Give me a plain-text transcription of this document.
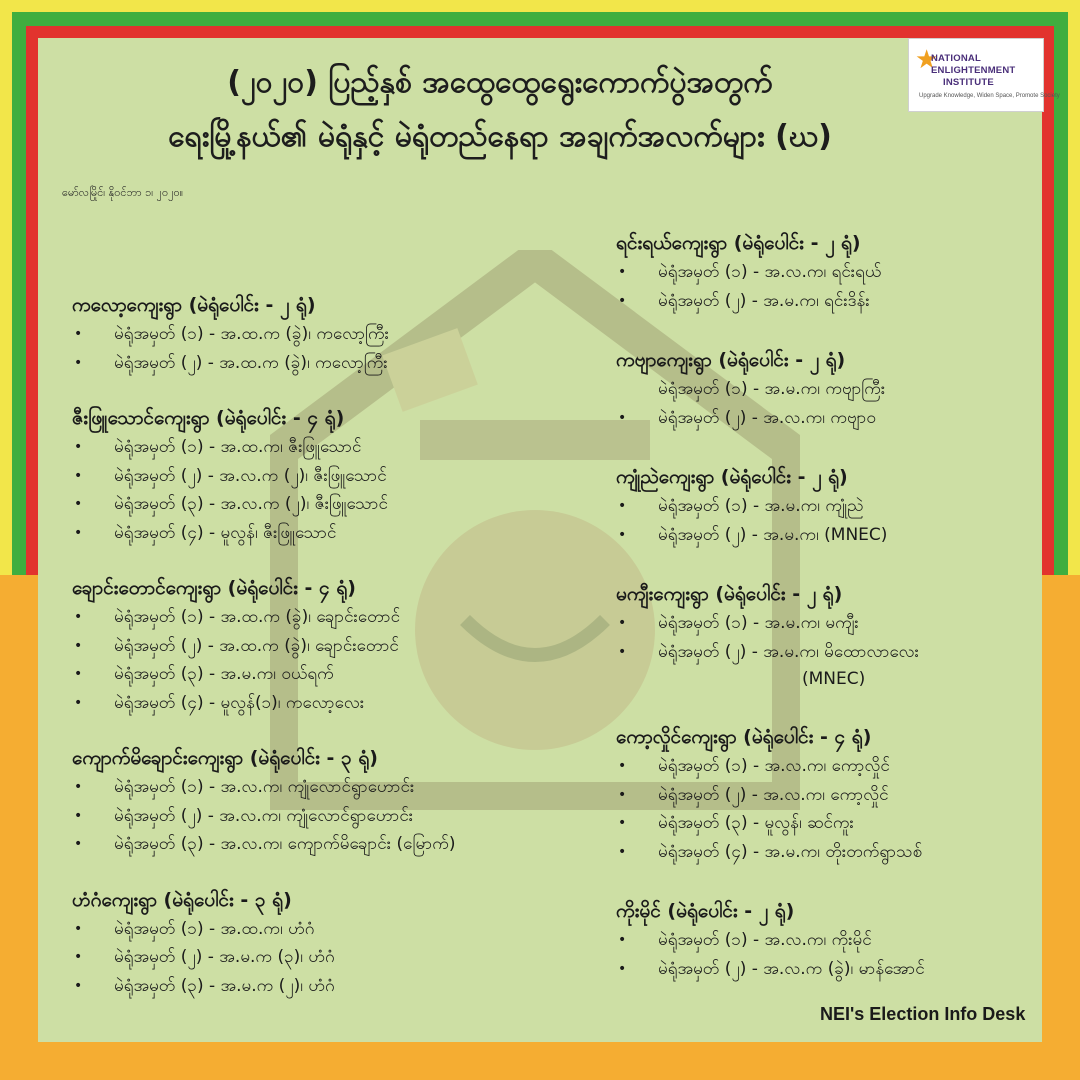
★
NATIONAL
ENLIGHTENMENT
INSTITUTE
Upgrade Knowledge, Widen Space, Promote Society
(၂၀၂၀) ပြည့်နှစ် အထွေထွေရွေးကောက်ပွဲအတွက်
ရေးမြို့နယ်၏ မဲရုံနှင့် မဲရုံတည်နေရာ အချက်အလက်များ (ဃ)
မော်လမြိုင်၊ နိုဝင်ဘာ ၁၊ ၂၀၂၀။
ကလော့ကျေးရွာ (မဲရုံပေါင်း - ၂ ရုံ)
• မဲရုံအမှတ် (၁) - အ.ထ.က (ခွဲ)၊ ကလော့ကြီး
• မဲရုံအမှတ် (၂) - အ.ထ.က (ခွဲ)၊ ကလော့ကြီး
ဇီးဖြူသောင်ကျေးရွာ (မဲရုံပေါင်း - ၄ ရုံ)
• မဲရုံအမှတ် (၁) - အ.ထ.က၊ ဇီးဖြူသောင်
• မဲရုံအမှတ် (၂) - အ.လ.က (၂)၊ ဇီးဖြူသောင်
• မဲရုံအမှတ် (၃) - အ.လ.က (၂)၊ ဇီးဖြူသောင်
• မဲရုံအမှတ် (၄) - မူလွန်၊ ဇီးဖြူသောင်
ချောင်းတောင်ကျေးရွာ (မဲရုံပေါင်း - ၄ ရုံ)
• မဲရုံအမှတ် (၁) - အ.ထ.က (ခွဲ)၊ ချောင်းတောင်
• မဲရုံအမှတ် (၂) - အ.ထ.က (ခွဲ)၊ ချောင်းတောင်
• မဲရုံအမှတ် (၃) - အ.မ.က၊ ဝယ်ရက်
• မဲရုံအမှတ် (၄) - မူလွန်(၁)၊ ကလော့လေး
ကျောက်မိချောင်းကျေးရွာ (မဲရုံပေါင်း - ၃ ရုံ)
• မဲရုံအမှတ် (၁) - အ.လ.က၊ ကျုံလောင်ရွာဟောင်း
• မဲရုံအမှတ် (၂) - အ.လ.က၊ ကျုံလောင်ရွာဟောင်း
• မဲရုံအမှတ် (၃) - အ.လ.က၊ ကျောက်မိချောင်း (မြောက်)
ဟံဂံကျေးရွာ (မဲရုံပေါင်း - ၃ ရုံ)
• မဲရုံအမှတ် (၁) - အ.ထ.က၊ ဟံဂံ
• မဲရုံအမှတ် (၂) - အ.မ.က (၃)၊ ဟံဂံ
• မဲရုံအမှတ် (၃) - အ.မ.က (၂)၊ ဟံဂံ
ရင်းရယ်ကျေးရွာ (မဲရုံပေါင်း - ၂ ရုံ)
• မဲရုံအမှတ် (၁) - အ.လ.က၊ ရင်းရယ်
• မဲရုံအမှတ် (၂) - အ.မ.က၊ ရင်းဒိန်း
ကဗျာကျေးရွာ (မဲရုံပေါင်း - ၂ ရုံ)
မဲရုံအမှတ် (၁) - အ.မ.က၊ ကဗျာကြီး
• မဲရုံအမှတ် (၂) - အ.လ.က၊ ကဗျာ၀
ကျုံညဲကျေးရွာ (မဲရုံပေါင်း - ၂ ရုံ)
• မဲရုံအမှတ် (၁) - အ.မ.က၊ ကျုံညဲ
• မဲရုံအမှတ် (၂) - အ.မ.က၊ (MNEC)
မကျီးကျေးရွာ (မဲရုံပေါင်း - ၂ ရုံ)
• မဲရုံအမှတ် (၁) - အ.မ.က၊ မကျီး
• မဲရုံအမှတ် (၂) - အ.မ.က၊ မိထောလာလေး
(MNEC)
ကော့လှိုင်ကျေးရွာ (မဲရုံပေါင်း - ၄ ရုံ)
• မဲရုံအမှတ် (၁) - အ.လ.က၊ ကော့လှိုင်
• မဲရုံအမှတ် (၂) - အ.လ.က၊ ကော့လှိုင်
• မဲရုံအမှတ် (၃) - မူလွန်၊ ဆင်ကူး
• မဲရုံအမှတ် (၄) - အ.မ.က၊ တိုးတက်ရွာသစ်
ကိုးမိုင် (မဲရုံပေါင်း - ၂ ရုံ)
• မဲရုံအမှတ် (၁) - အ.လ.က၊ ကိုးမိုင်
• မဲရုံအမှတ် (၂) - အ.လ.က (ခွဲ)၊ မာန်အောင်
NEI's Election Info Desk
